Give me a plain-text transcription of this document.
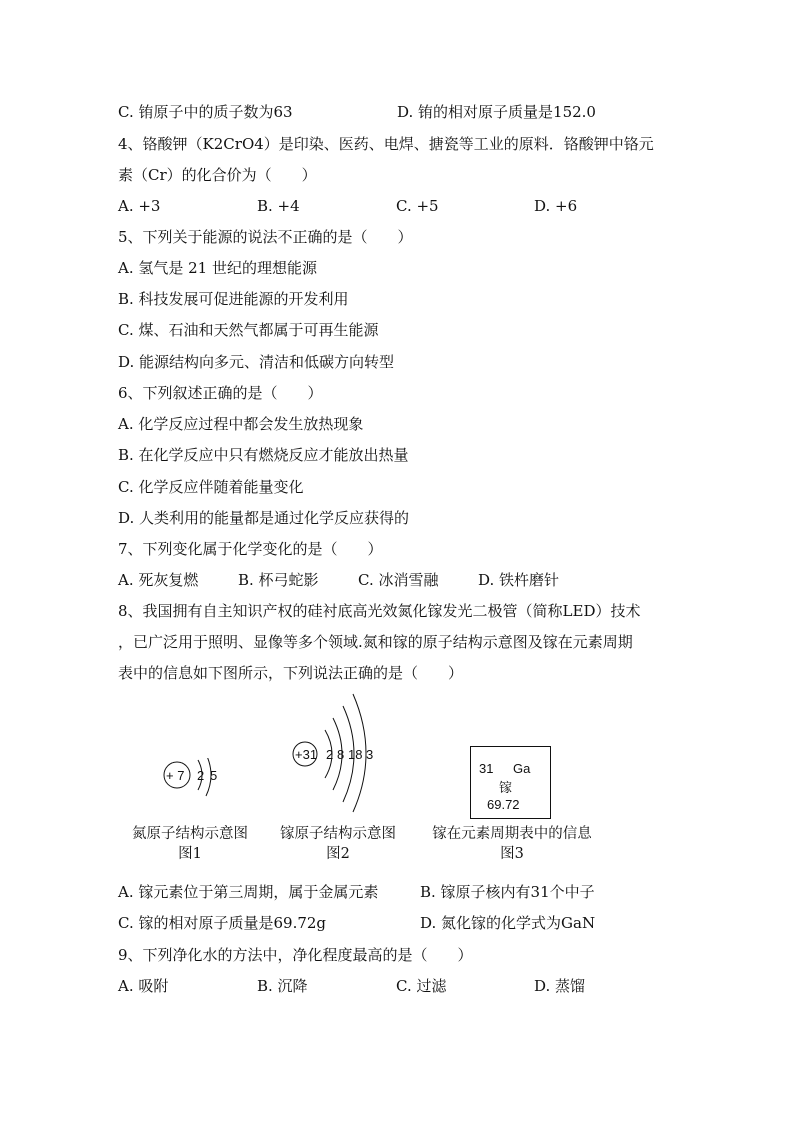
C. 铕原子中的质子数为63	D. 铕的相对原子质量是152.0
4、铬酸钾（K2CrO4）是印染、医药、电焊、搪瓷等工业的原料．铬酸钾中铬元
素（Cr）的化合价为（　　）
A. +3	B. +4	C. +5	D. +6
5、下列关于能源的说法不正确的是（　　）
A. 氢气是 21 世纪的理想能源
B. 科技发展可促进能源的开发利用
C. 煤、石油和天然气都属于可再生能源
D. 能源结构向多元、清洁和低碳方向转型
6、下列叙述正确的是（　　）
A. 化学反应过程中都会发生放热现象
B. 在化学反应中只有燃烧反应才能放出热量
C. 化学反应伴随着能量变化
D. 人类利用的能量都是通过化学反应获得的
7、下列变化属于化学变化的是（　　）
A. 死灰复燃	B. 杯弓蛇影	C. 冰消雪融	D. 铁杵磨针
8、我国拥有自主知识产权的硅衬底高光效氮化镓发光二极管（简称LED）技术
，已广泛用于照明、显像等多个领域.氮和镓的原子结构示意图及镓在元素周期
表中的信息如下图所示，下列说法正确的是（　　）
+ 7 2 5
+31 2 8 18 3
31 Ga
镓
69.72
氮原子结构示意图
图1
镓原子结构示意图
图2
镓在元素周期表中的信息
图3
A. 镓元素位于第三周期，属于金属元素	B. 镓原子核内有31个中子
C. 镓的相对原子质量是69.72g	D. 氮化镓的化学式为GaN
9、下列净化水的方法中，净化程度最高的是（　　）
A. 吸附	B. 沉降	C. 过滤	D. 蒸馏
